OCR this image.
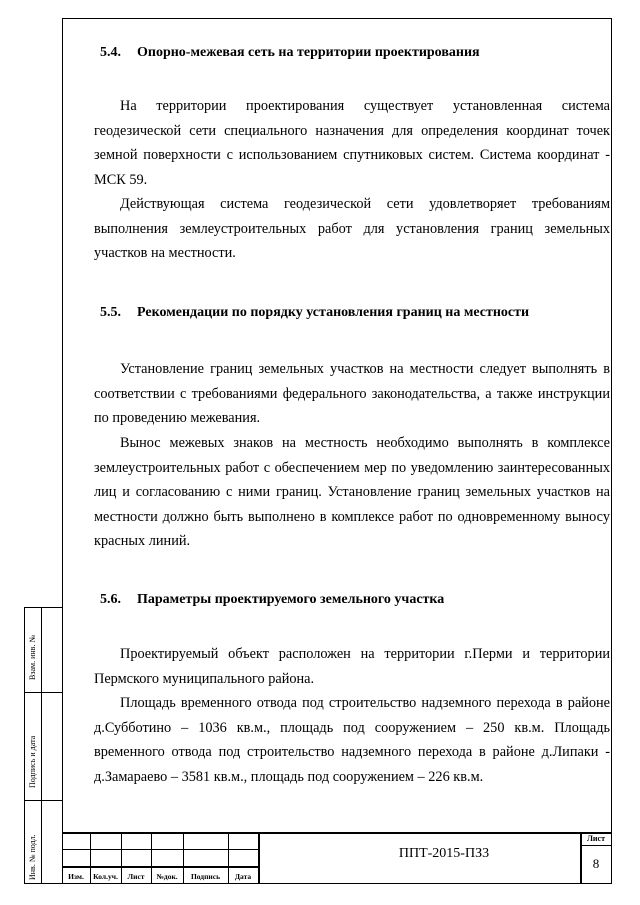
Взам. инв. №
Подпись и дата
Инв. № подл.
5.4. Опорно-межевая сеть на территории проектирования

На территории проектирования существует установленная система геодезической сети специального назначения для определения координат точек земной поверхности с использованием спутниковых систем. Система координат - МСК 59.

Действующая система геодезической сети удовлетворяет требованиям выполнения землеустроительных работ для установления границ земельных участков на местности.

5.5. Рекомендации по порядку установления границ на местности

Установление границ земельных участков на местности следует выполнять в соответствии с требованиями федерального законодательства, а также инструкции по проведению межевания.

Вынос межевых знаков на местность необходимо выполнять в комплексе землеустроительных работ с обеспечением мер по уведомлению заинтересованных лиц и согласованию с ними границ. Установление границ земельных участков на местности должно быть выполнено в комплексе работ по одновременному выносу красных линий.

5.6. Параметры проектируемого земельного участка

Проектируемый объект расположен на территории г.Перми и территории Пермского муниципального района.

Площадь временного отвода под строительство надземного перехода в районе д.Субботино – 1036 кв.м., площадь под сооружением – 250 кв.м. Площадь временного отвода под строительство надземного перехода в районе д.Липаки - д.Замараево – 3581 кв.м., площадь под сооружением – 226 кв.м.

Изм.	Кол.уч.	Лист	№док.	Подпись	Дата
ППТ-2015-ПЗ3
Лист
8
